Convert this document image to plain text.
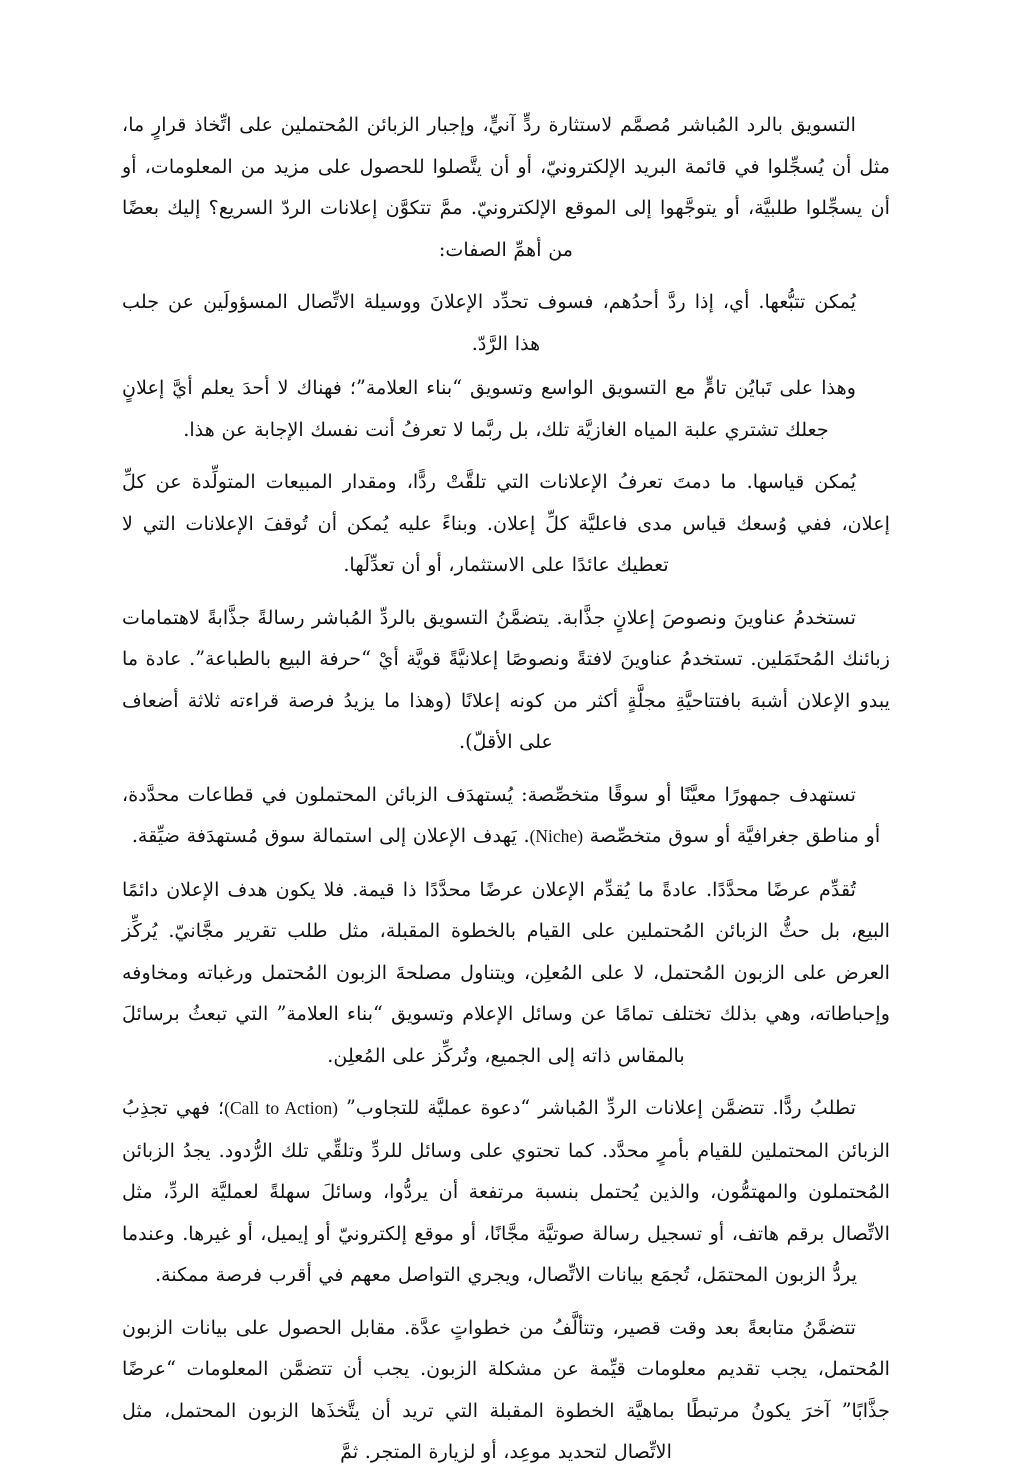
التسويق بالرد المُباشر مُصمَّم لاستثارة ردٍّ آنيٍّ، وإجبار الزبائن المُحتملين على اتِّخاذ قرارٍ ما، مثل أن يُسجِّلوا في قائمة البريد الإلكترونيّ، أو أن يتَّصلوا للحصول على مزيد من المعلومات، أو أن يسجِّلوا طلبيَّة، أو يتوجَّهوا إلى الموقع الإلكترونيّ. ممَّ تتكوَّن إعلانات الردّ السريع؟ إليك بعضًا من أهمِّ الصفات:

يُمكن تتبُّعها. أي، إذا ردَّ أحدُهم، فسوف تحدِّد الإعلانَ ووسيلة الاتِّصال المسؤولَين عن جلب هذا الرَّدّ.

وهذا على تَبايُن تامٍّ مع التسويق الواسع وتسويق “بناء العلامة”؛ فهناك لا أحدَ يعلم أيَّ إعلانٍ جعلك تشتري علبة المياه الغازيَّة تلك، بل ربَّما لا تعرفُ أنت نفسك الإجابة عن هذا.

يُمكن قياسها. ما دمتَ تعرفُ الإعلانات التي تلقَّتْ ردًّا، ومقدار المبيعات المتولِّدة عن كلِّ إعلان، ففي وُسعك قياس مدى فاعليَّة كلِّ إعلان. وبناءً عليه يُمكن أن تُوقفَ الإعلانات التي لا تعطيك عائدًا على الاستثمار، أو أن تعدِّلَها.

تستخدمُ عناوينَ ونصوصَ إعلانٍ جذَّابة. يتضمَّنُ التسويق بالردِّ المُباشر رسالةً جذَّابةً لاهتمامات زبائنك المُحتَمَلين. تستخدمُ عناوينَ لافتةً ونصوصًا إعلانيَّةً قويَّة أيْ “حرفة البيع بالطباعة”. عادة ما يبدو الإعلان أشبهَ بافتتاحيَّةِ مجلَّةٍ أكثر من كونه إعلانًا (وهذا ما يزيدُ فرصة قراءته ثلاثة أضعاف على الأقلّ).

تستهدف جمهورًا معيَّنًا أو سوقًا متخصِّصة: يُستهدَف الزبائن المحتملون في قطاعات محدَّدة، أو مناطق جغرافيَّة أو سوق متخصِّصة (Niche). يَهدف الإعلان إلى استمالة سوق مُستهدَفة ضيِّقة.

تُقدِّم عرضًا محدَّدًا. عادةً ما يُقدِّم الإعلان عرضًا محدَّدًا ذا قيمة. فلا يكون هدف الإعلان دائمًا البيع، بل حثُّ الزبائن المُحتملين على القيام بالخطوة المقبلة، مثل طلب تقرير مجَّانيّ. يُركِّز العرض على الزبون المُحتمل، لا على المُعلِن، ويتناول مصلحةَ الزبون المُحتمل ورغباته ومخاوفه وإحباطاته، وهي بذلك تختلف تمامًا عن وسائل الإعلام وتسويق “بناء العلامة” التي تبعثُ برسائلَ بالمقاس ذاته إلى الجميع، وتُركِّز على المُعلِن.

تطلبُ ردًّا. تتضمَّن إعلانات الردِّ المُباشر “دعوة عمليَّة للتجاوب” (Call to Action)؛ فهي تجذِبُ الزبائن المحتملين للقيام بأمرٍ محدَّد. كما تحتوي على وسائل للردِّ وتلقِّي تلك الرُّدود. يجدُ الزبائن المُحتملون والمهتمُّون، والذين يُحتمل بنسبة مرتفعة أن يردُّوا، وسائلَ سهلةً لعمليَّة الردِّ، مثل الاتِّصال برقم هاتف، أو تسجيل رسالة صوتيَّة مجَّانًا، أو موقع إلكترونيّ أو إيميل، أو غيرها. وعندما يردُّ الزبون المحتمَل، تُجمَع بيانات الاتِّصال، ويجري التواصل معهم في أقرب فرصة ممكنة.

تتضمَّنُ متابعةً بعد وقت قصير، وتتألَّفُ من خطواتٍ عدَّة. مقابل الحصول على بيانات الزبون المُحتمل، يجب تقديم معلومات قيِّمة عن مشكلة الزبون. يجب أن تتضمَّن المعلومات “عرضًا جذَّابًا” آخرَ يكونُ مرتبطًا بماهيَّة الخطوة المقبلة التي تريد أن يتَّخذَها الزبون المحتمل، مثل الاتِّصال لتحديد موعِد، أو لزيارة المتجر. ثمَّ
